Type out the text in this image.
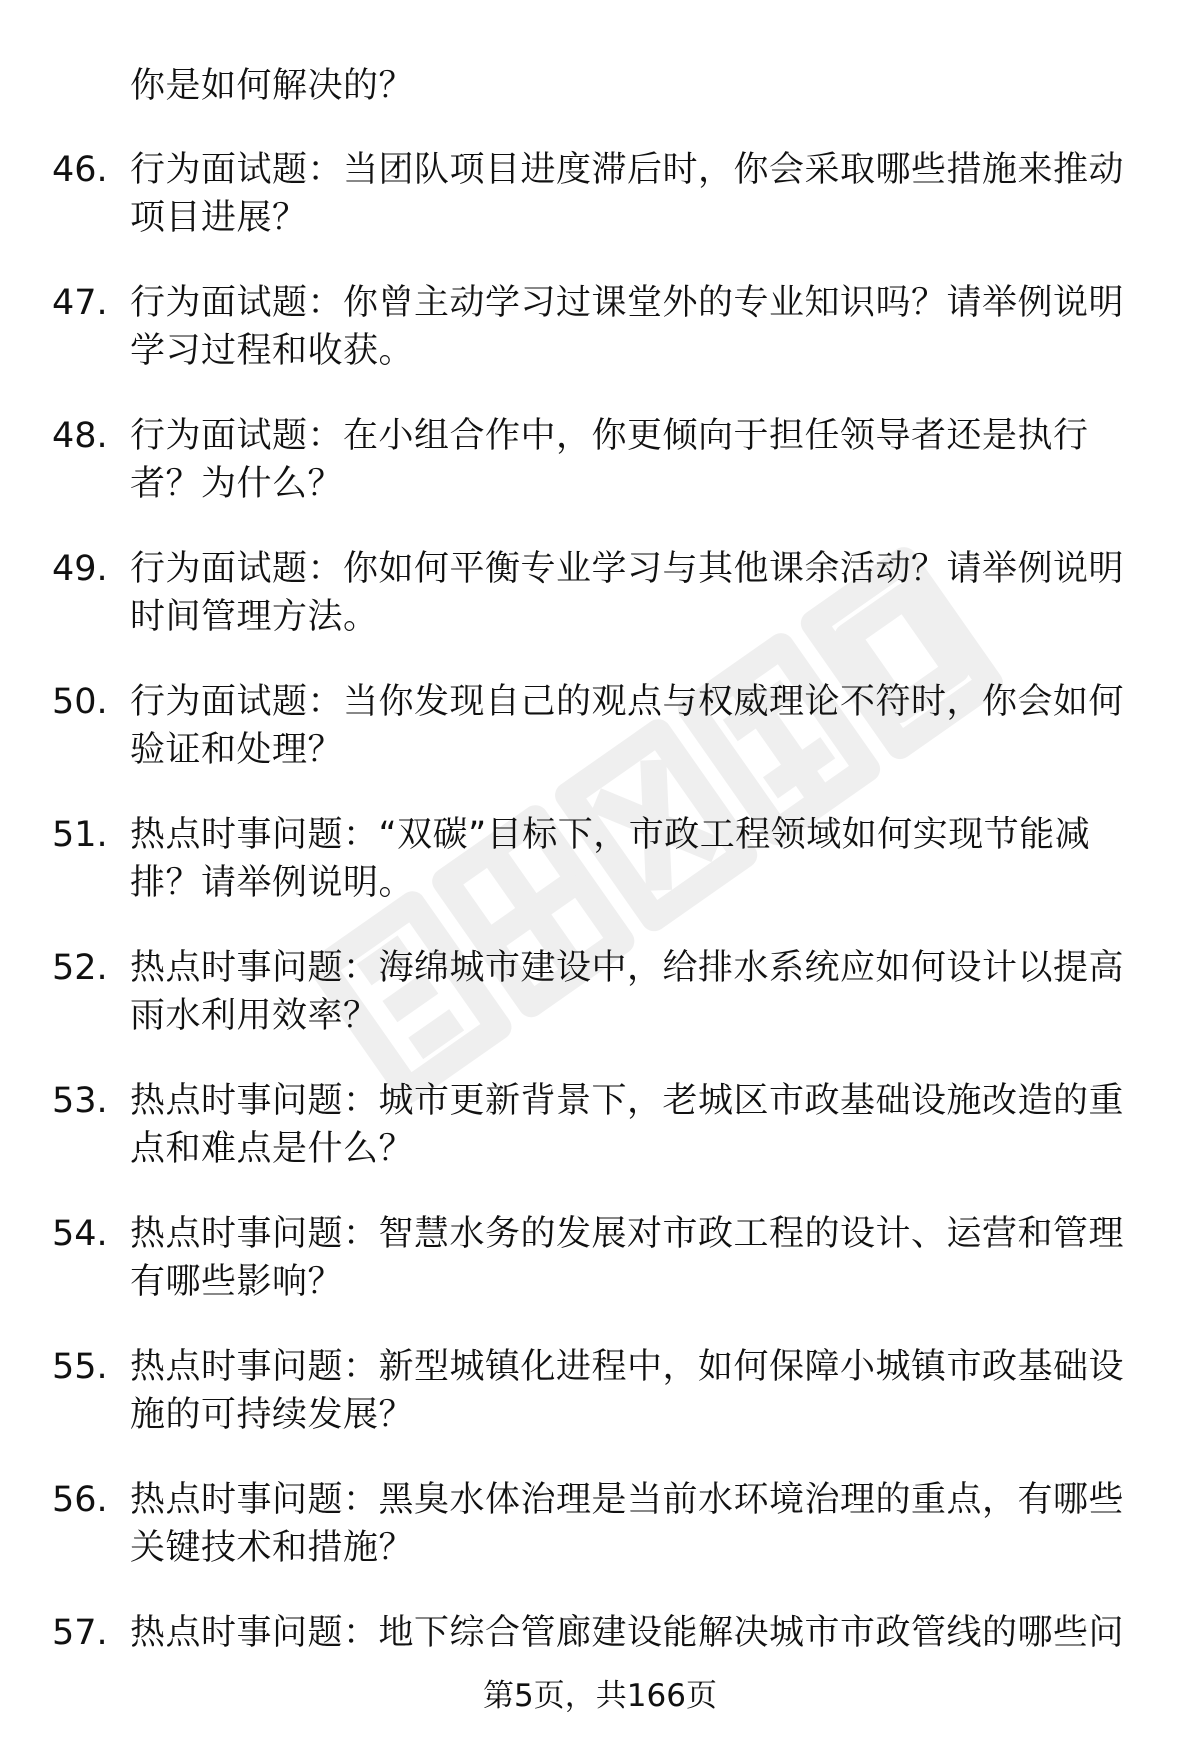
你是如何解决的？
46. 行为面试题：当团队项目进度滞后时，你会采取哪些措施来推动项目进展？
47. 行为面试题：你曾主动学习过课堂外的专业知识吗？请举例说明学习过程和收获。
48. 行为面试题：在小组合作中，你更倾向于担任领导者还是执行者？为什么？
49. 行为面试题：你如何平衡专业学习与其他课余活动？请举例说明时间管理方法。
50. 行为面试题：当你发现自己的观点与权威理论不符时，你会如何验证和处理？
51. 热点时事问题：“双碳”目标下，市政工程领域如何实现节能减排？请举例说明。
52. 热点时事问题：海绵城市建设中，给排水系统应如何设计以提高雨水利用效率？
53. 热点时事问题：城市更新背景下，老城区市政基础设施改造的重点和难点是什么？
54. 热点时事问题：智慧水务的发展对市政工程的设计、运营和管理有哪些影响？
55. 热点时事问题：新型城镇化进程中，如何保障小城镇市政基础设施的可持续发展？
56. 热点时事问题：黑臭水体治理是当前水环境治理的重点，有哪些关键技术和措施？
57. 热点时事问题：地下综合管廊建设能解决城市市政管线的哪些问
第5页，共166页
